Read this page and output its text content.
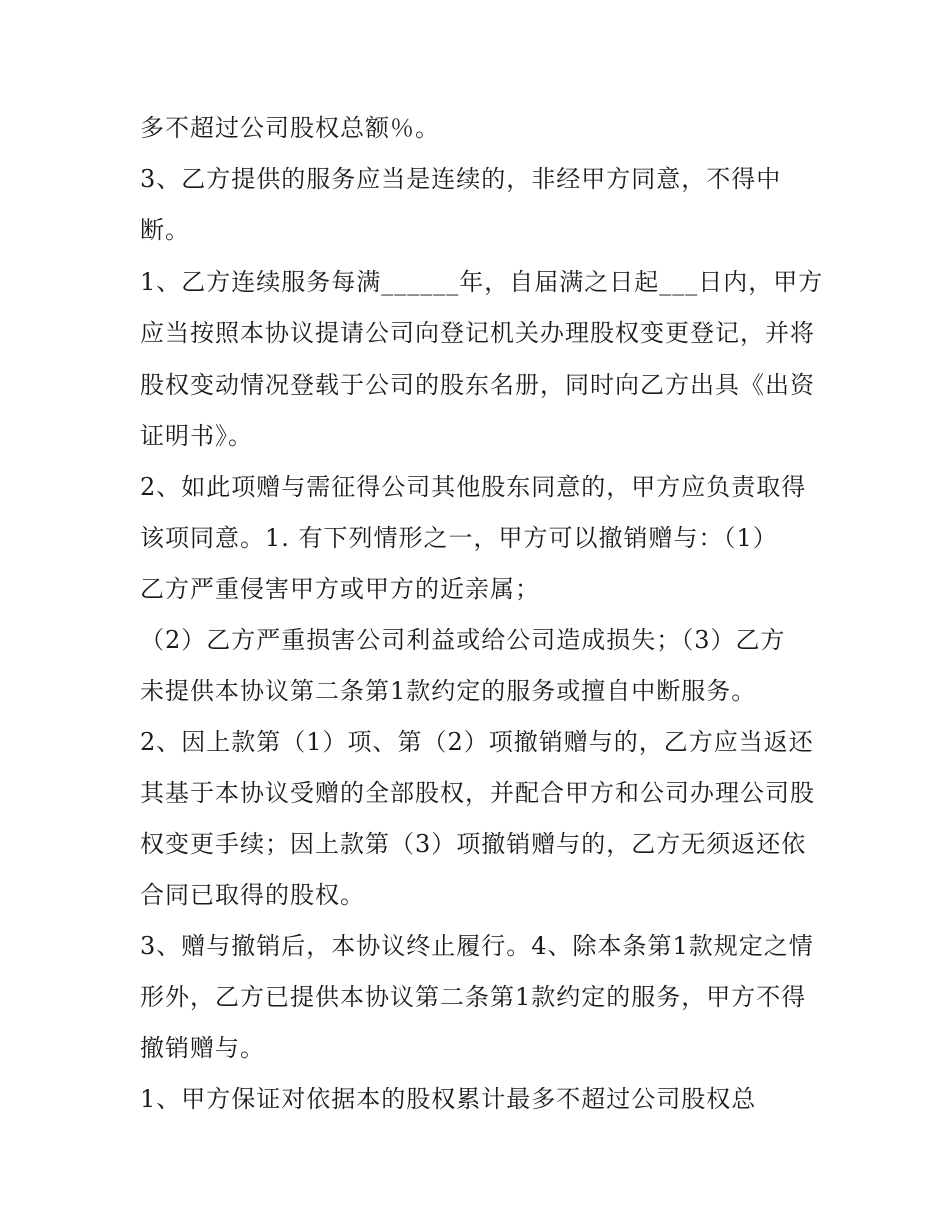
多不超过公司股权总额％。
3、乙方提供的服务应当是连续的，非经甲方同意，不得中
断。
1、乙方连续服务每满______年，自届满之日起___日内，甲方
应当按照本协议提请公司向登记机关办理股权变更登记，并将
股权变动情况登载于公司的股东名册，同时向乙方出具《出资
证明书》。
2、如此项赠与需征得公司其他股东同意的，甲方应负责取得
该项同意。1. 有下列情形之一，甲方可以撤销赠与：（1）
乙方严重侵害甲方或甲方的近亲属；
（2）乙方严重损害公司利益或给公司造成损失；（3）乙方
未提供本协议第二条第1款约定的服务或擅自中断服务。
2、因上款第（1）项、第（2）项撤销赠与的，乙方应当返还
其基于本协议受赠的全部股权，并配合甲方和公司办理公司股
权变更手续；因上款第（3）项撤销赠与的，乙方无须返还依
合同已取得的股权。
3、赠与撤销后，本协议终止履行。4、除本条第1款规定之情
形外，乙方已提供本协议第二条第1款约定的服务，甲方不得
撤销赠与。
1、甲方保证对依据本的股权累计最多不超过公司股权总
